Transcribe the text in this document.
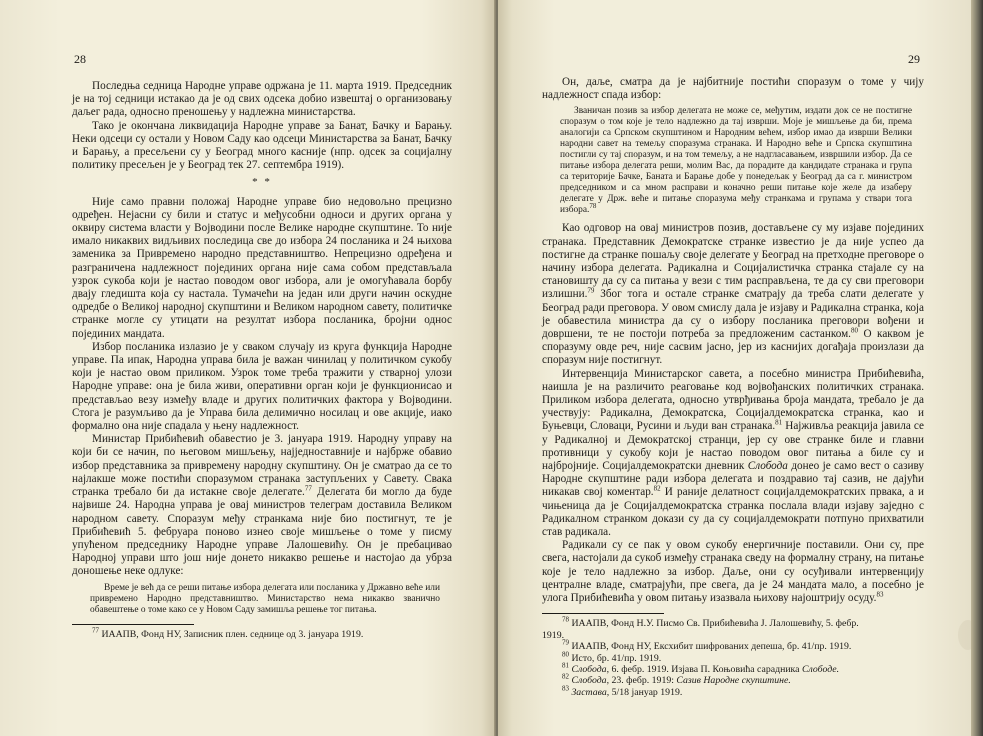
28

Последња седница Народне управе одржана је 11. марта 1919. Председник је на тој седници истакао да је од свих одсека добио извештај о организовању даљег рада, односно преношењу у надлежна министарства.

Тако је окончана ликвидација Народне управе за Банат, Бачку и Барању. Неки одсеци су остали у Новом Саду као одсеци Министарства за Банат, Бачку и Барању, а пресељени су у Београд много касније (нпр. одсек за социјалну политику пресељен је у Београд тек 27. септембра 1919).

* *

Није само правни положај Народне управе био недовољно прецизно одређен. Нејасни су били и статус и међусобни односи и других органа у оквиру система власти у Војводини после Велике народне скупштине. То није имало никаквих видљивих последица све до избора 24 посланика и 24 њихова заменика за Привремено народно представништво. Непрецизно одређена и разграничена надлежност појединих органа није сама собом представљала узрок сукоба који је настао поводом овог избора, али је омогућавала борбу двају гледишта која су настала. Тумачећи на један или други начин оскудне одредбе о Великој народној скупштини и Великом народном савету, политичке странке могле су утицати на резултат избора посланика, бројни однос појединих мандата.

Избор посланика излазио је у сваком случају из круга функција Народне управе. Па ипак, Народна управа била је важан чинилац у политичком сукобу који је настао овом приликом. Узрок томе треба тражити у стварној улози Народне управе: она је била живи, оперативни орган који је функционисао и представљао везу између владе и других политичких фактора у Војводини. Стога је разумљиво да је Управа била делимично носилац и ове акције, иако формално она није спадала у њену надлежност.

Министар Прибићевић обавестио је 3. јануара 1919. Народну управу на који би се начин, по његовом мишљењу, најједноставније и најбрже обавио избор представника за привремену народну скупштину. Он је сматрао да се то најлакше може постићи споразумом странака заступљених у Савету. Свака странка требало би да истакне своје делегате.$^{77}$ Делегата би могло да буде највише 24. Народна управа је овај министров телеграм доставила Великом народном савету. Споразум међу странкама није био постигнут, те је Прибићевић 5. фебруара поново изнео своје мишљење о томе у писму упућеном председнику Народне управе Лалошевићу. Он је пребацивао Народној управи што још није донето никакво решење и настојао да убрза доношење неке одлуке:

Време је већ да се реши питање избора делегата или посланика у Државно веће или привремено Народно представништво. Министарство нема никакво званично обавештење о томе како се у Новом Саду замишља решење тог питања.

$^{77}$ ИААПВ, Фонд НУ, Записник плен. седнице од 3. јануара 1919.

29

Он, даље, сматра да је најбитније постићи споразум о томе у чију надлежност спада избор:

Званичан позив за избор делегата не може се, међутим, издати док се не постигне споразум о том које је тело надлежно да тај изврши. Моје је мишљење да би, према аналогији са Српском скупштином и Народним већем, избор имао да изврши Велики народни савет на темељу споразума странака. И Народно веће и Српска скупштина постигли су тај споразум, и на том темељу, а не надгласавањем, извршили избор. Да се питање избора делегата реши, молим Вас, да порадите да кандидате странака и група са територије Бачке, Баната и Барање добе у понедељак у Београд да са г. министром председником и са мном расправи и коначно реши питање које желе да изаберу делегате у Држ. веће и питање споразума међу странкама и групама у ствари тога избора.$^{78}$

Као одговор на овај министров позив, достављене су му изјаве појединих странака. Представник Демократске странке известио је да није успео да постигне да странке пошаљу своје делегате у Београд на претходне преговоре о начину избора делегата. Радикална и Социјалистичка странка стајале су на становишту да су са питања у вези с тим расправљена, те да су сви преговори излишни.$^{79}$ Због тога и остале странке сматрају да треба слати делегате у Београд ради преговора. У овом смислу дала је изјаву и Радикална странка, која је обавестила министра да су о избору посланика преговори вођени и довршени, те не постоји потреба за предложеним састанком.$^{80}$ О каквом је споразуму овде реч, није сасвим јасно, јер из каснијих догађаја произлази да споразум није постигнут.

Интервенција Министарског савета, а посебно министра Прибићевића, наишла је на различито реаговање код војвођанских политичких странака. Приликом избора делегата, односно утврђивања броја мандата, требало је да учествују: Радикална, Демократска, Социјалдемократска странка, као и Буњевци, Словаци, Русини и људи ван странака.$^{81}$ Најживља реакција јавила се у Радикалној и Демократској странци, јер су ове странке биле и главни противници у сукобу који је настао поводом овог питања а биле су и најбројније. Социјалдемократски дневник Слобода донео је само вест о сазиву Народне скупштине ради избора делегата и поздравио тај сазив, не дајући никакав свој коментар.$^{82}$ И раније делатност социјалдемократских првака, а и чињеница да је Социјалдемократска странка послала влади изјаву заједно с Радикалном странком докази су да су социјалдемократи потпуно прихватили став радикала.

Радикали су се пак у овом сукобу енергичније поставили. Они су, пре свега, настојали да сукоб између странака сведу на формалну страну, на питање које је тело надлежно за избор. Даље, они су осуђивали интервенцију централне владе, сматрајући, пре свега, да је 24 мандата мало, а посебно је улога Прибићевића у овом питању изазвала њихову најоштрију осуду.$^{83}$

$^{78}$ ИААПВ, Фонд Н.У. Писмо Св. Прибићевића Ј. Лалошевићу, 5. фебр.

1919.

$^{79}$ ИААПВ, Фонд НУ, Ексхибит шифрованих депеша, бр. 41/пр. 1919.

$^{80}$ Исто, бр. 41/пр. 1919.

$^{81}$ Слобода, 6. фебр. 1919. Изјава П. Коњовића сарадника Слободе.

$^{82}$ Слобода, 23. фебр. 1919: Сазив Народне скупштине.

$^{83}$ Застава, 5/18 јануар 1919.
